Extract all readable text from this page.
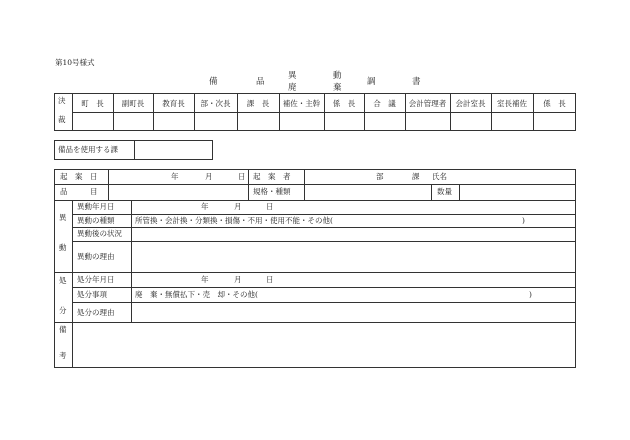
第10号様式
備	品
異
廃
動
棄
調	書
決
裁
町　長	副町長	教育長	部・次長	課　長	補佐・主幹	係　長	合　議	会計管理者	会計室長	室長補佐	係　長
備品を使用する課
起　案　日	年	月	日 起　案　者	部	課 氏名
品　　　目	規格・種類	数量
異
動
異動年月日	年	月	日
異動の種類	所管換・会計換・分類換・損傷・不用・使用不能・その他(	)
異動後の状況
異動の理由
処
分
処分年月日	年	月	日
処分事項	廃　棄・無償払下・売　却・その他(	)
処分の理由
備
考
